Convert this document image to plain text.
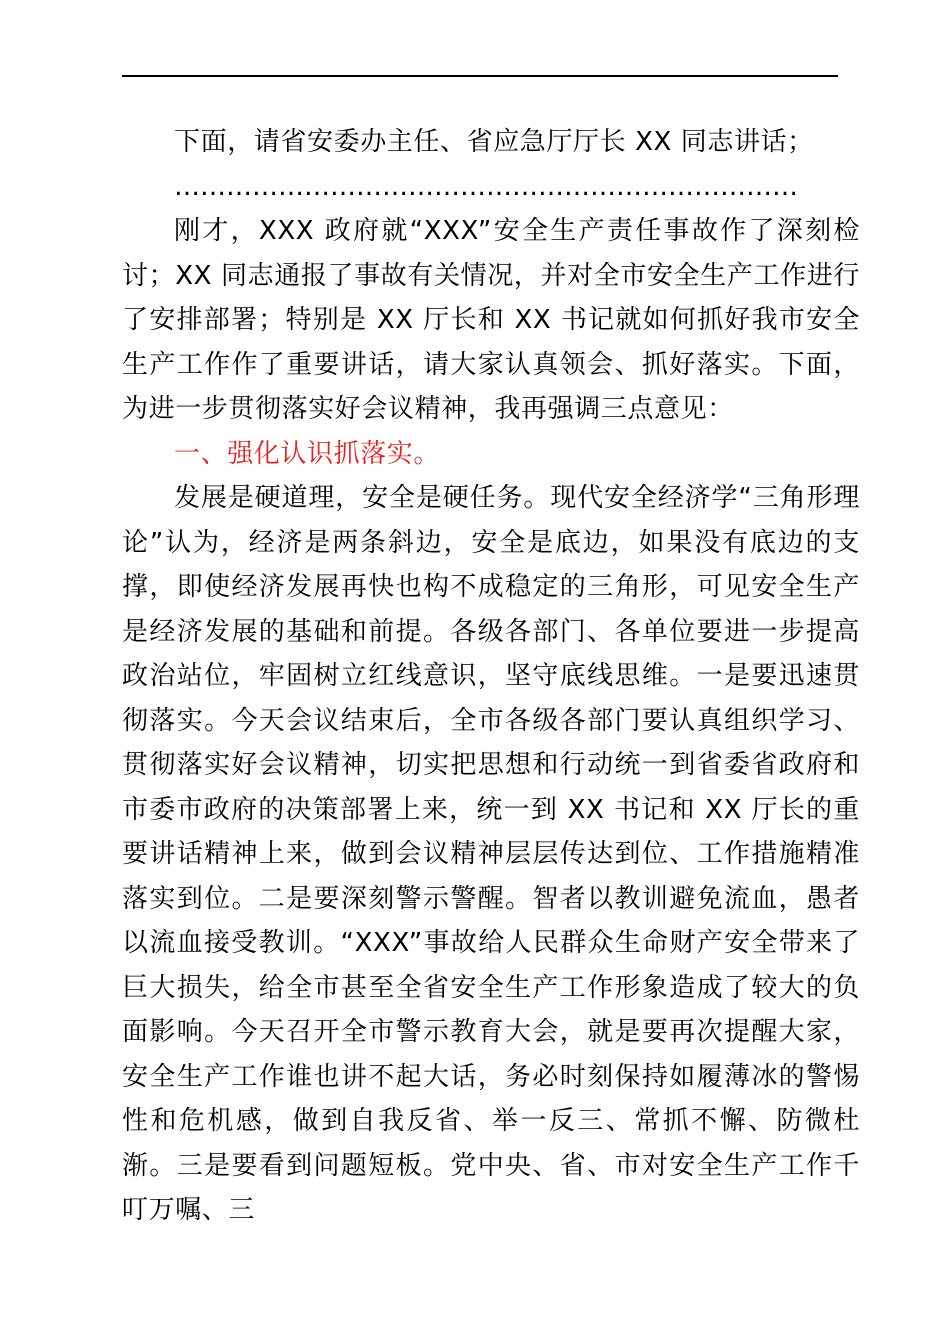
下面，请省安委办主任、省应急厅厅长 XX 同志讲话；

………………………………………………………………

刚才，XXX 政府就“XXX”安全生产责任事故作了深刻检讨；XX 同志通报了事故有关情况，并对全市安全生产工作进行了安排部署；特别是 XX 厅长和 XX 书记就如何抓好我市安全生产工作作了重要讲话，请大家认真领会、抓好落实。下面，为进一步贯彻落实好会议精神，我再强调三点意见：

一、强化认识抓落实。

发展是硬道理，安全是硬任务。现代安全经济学“三角形理论”认为，经济是两条斜边，安全是底边，如果没有底边的支撑，即使经济发展再快也构不成稳定的三角形，可见安全生产是经济发展的基础和前提。各级各部门、各单位要进一步提高政治站位，牢固树立红线意识，坚守底线思维。一是要迅速贯彻落实。今天会议结束后，全市各级各部门要认真组织学习、贯彻落实好会议精神，切实把思想和行动统一到省委省政府和市委市政府的决策部署上来，统一到 XX 书记和 XX 厅长的重要讲话精神上来，做到会议精神层层传达到位、工作措施精准落实到位。二是要深刻警示警醒。智者以教训避免流血，愚者以流血接受教训。“XXX”事故给人民群众生命财产安全带来了巨大损失，给全市甚至全省安全生产工作形象造成了较大的负面影响。今天召开全市警示教育大会，就是要再次提醒大家，安全生产工作谁也讲不起大话，务必时刻保持如履薄冰的警惕性和危机感，做到自我反省、举一反三、常抓不懈、防微杜渐。三是要看到问题短板。党中央、省、市对安全生产工作千叮万嘱、三
